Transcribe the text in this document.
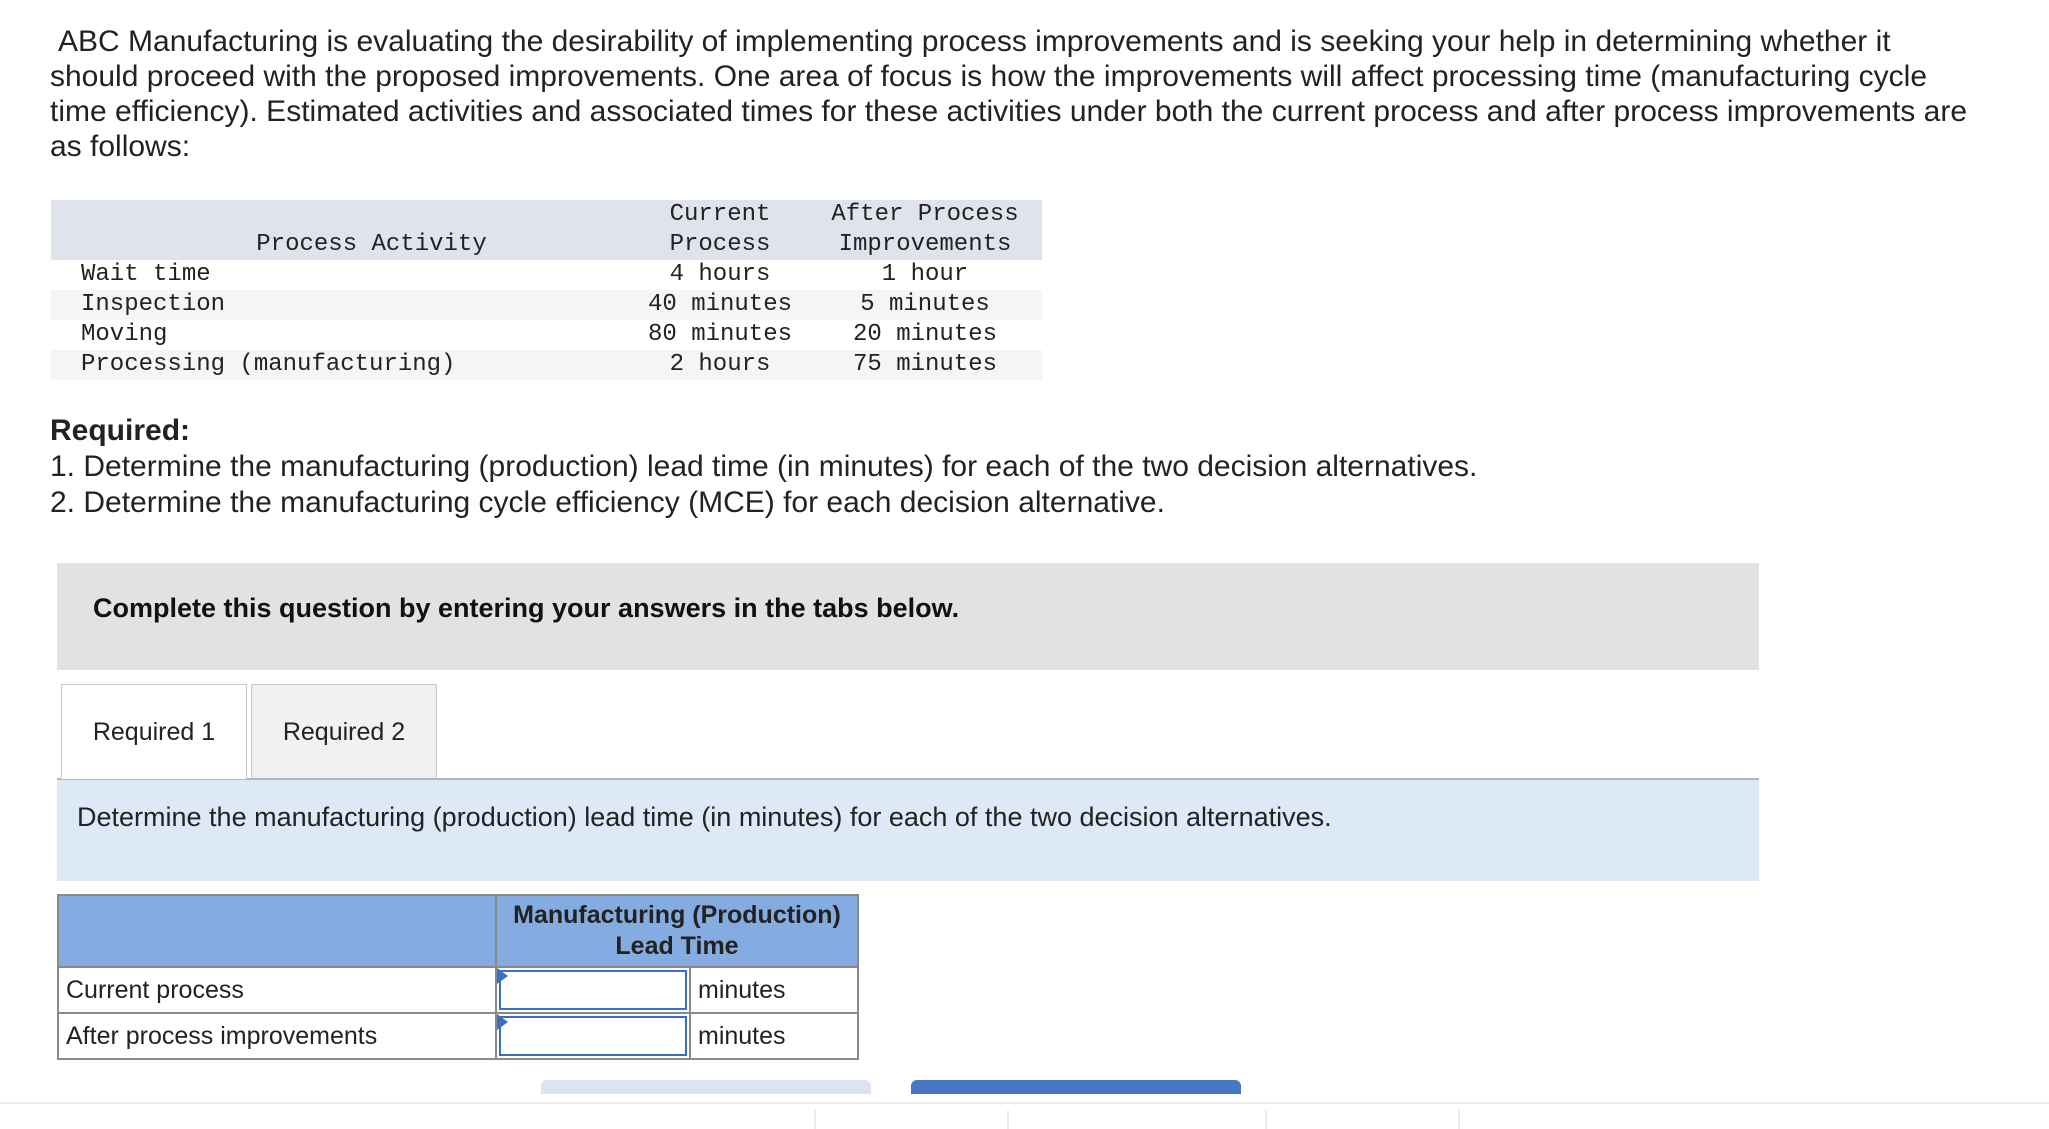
ABC Manufacturing is evaluating the desirability of implementing process improvements and is seeking your help in determining whether it should proceed with the proposed improvements. One area of focus is how the improvements will affect processing time (manufacturing cycle time efficiency). Estimated activities and associated times for these activities under both the current process and after process improvements are as follows:
Process Activity	Current	After Process
	Process	Improvements
Wait time	4 hours	1 hour
Inspection	40 minutes	5 minutes
Moving	80 minutes	20 minutes
Processing (manufacturing)	2 hours	75 minutes
Required:
1. Determine the manufacturing (production) lead time (in minutes) for each of the two decision alternatives.
2. Determine the manufacturing cycle efficiency (MCE) for each decision alternative.
Complete this question by entering your answers in the tabs below.
Required 1	Required 2
Determine the manufacturing (production) lead time (in minutes) for each of the two decision alternatives.

	Manufacturing (Production)
Lead Time	

Current process		minutes
After process improvements		minutes
